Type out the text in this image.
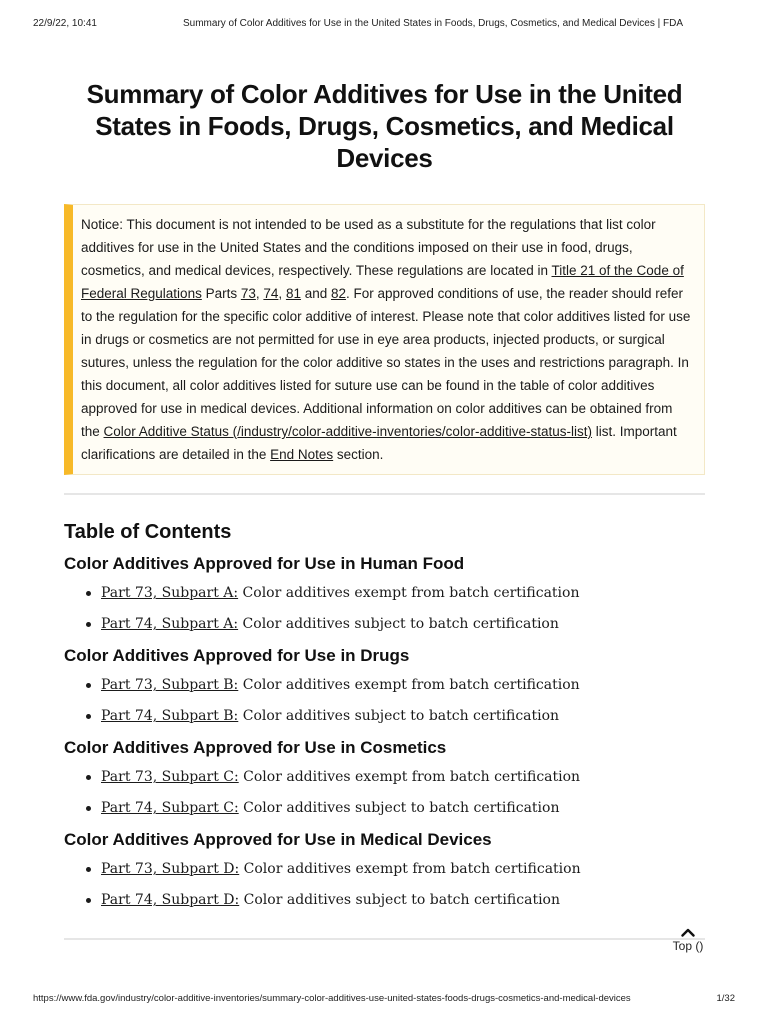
22/9/22, 10:41	Summary of Color Additives for Use in the United States in Foods, Drugs, Cosmetics, and Medical Devices | FDA
Summary of Color Additives for Use in the United States in Foods, Drugs, Cosmetics, and Medical Devices
Notice: This document is not intended to be used as a substitute for the regulations that list color additives for use in the United States and the conditions imposed on their use in food, drugs, cosmetics, and medical devices, respectively. These regulations are located in Title 21 of the Code of Federal Regulations Parts 73, 74, 81 and 82. For approved conditions of use, the reader should refer to the regulation for the specific color additive of interest. Please note that color additives listed for use in drugs or cosmetics are not permitted for use in eye area products, injected products, or surgical sutures, unless the regulation for the color additive so states in the uses and restrictions paragraph. In this document, all color additives listed for suture use can be found in the table of color additives approved for use in medical devices. Additional information on color additives can be obtained from the Color Additive Status (/industry/color-additive-inventories/color-additive-status-list) list. Important clarifications are detailed in the End Notes section.
Table of Contents
Color Additives Approved for Use in Human Food
Part 73, Subpart A: Color additives exempt from batch certification
Part 74, Subpart A: Color additives subject to batch certification
Color Additives Approved for Use in Drugs
Part 73, Subpart B: Color additives exempt from batch certification
Part 74, Subpart B: Color additives subject to batch certification
Color Additives Approved for Use in Cosmetics
Part 73, Subpart C: Color additives exempt from batch certification
Part 74, Subpart C: Color additives subject to batch certification
Color Additives Approved for Use in Medical Devices
Part 73, Subpart D: Color additives exempt from batch certification
Part 74, Subpart D: Color additives subject to batch certification
Top ()
https://www.fda.gov/industry/color-additive-inventories/summary-color-additives-use-united-states-foods-drugs-cosmetics-and-medical-devices	1/32
